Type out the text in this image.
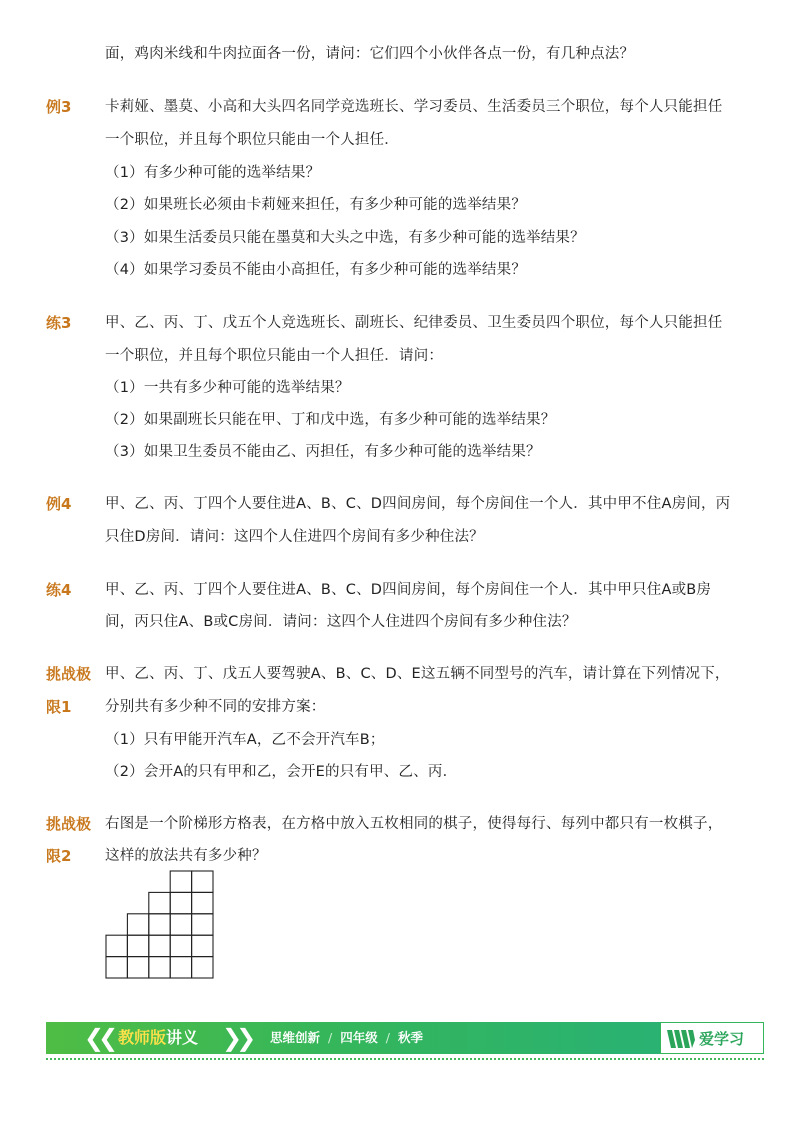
面，鸡肉米线和牛肉拉面各一份，请问：它们四个小伙伴各点一份，有几种点法？
例3 卡莉娅、墨莫、小高和大头四名同学竞选班长、学习委员、生活委员三个职位，每个人只能担任
一个职位，并且每个职位只能由一个人担任．
（1）有多少种可能的选举结果？
（2）如果班长必须由卡莉娅来担任，有多少种可能的选举结果？
（3）如果生活委员只能在墨莫和大头之中选，有多少种可能的选举结果？
（4）如果学习委员不能由小高担任，有多少种可能的选举结果？
练3 甲、乙、丙、丁、戊五个人竞选班长、副班长、纪律委员、卫生委员四个职位，每个人只能担任
一个职位，并且每个职位只能由一个人担任．请问：
（1）一共有多少种可能的选举结果？
（2）如果副班长只能在甲、丁和戊中选，有多少种可能的选举结果？
（3）如果卫生委员不能由乙、丙担任，有多少种可能的选举结果？
例4 甲、乙、丙、丁四个人要住进A、B、C、D四间房间，每个房间住一个人．其中甲不住A房间，丙
只住D房间．请问：这四个人住进四个房间有多少种住法？
练4 甲、乙、丙、丁四个人要住进A、B、C、D四间房间，每个房间住一个人．其中甲只住A或B房
间，丙只住A、B或C房间．请问：这四个人住进四个房间有多少种住法？
挑战极
限1
甲、乙、丙、丁、戊五人要驾驶A、B、C、D、E这五辆不同型号的汽车，请计算在下列情况下，
分别共有多少种不同的安排方案：
（1）只有甲能开汽车A，乙不会开汽车B；
（2）会开A的只有甲和乙，会开E的只有甲、乙、丙．
挑战极
限2
右图是一个阶梯形方格表，在方格中放入五枚相同的棋子，使得每行、每列中都只有一枚棋子，
这样的放法共有多少种？
❮❮ 教师版讲义 ❯❯ 思维创新 / 四年级 / 秋季	爱学习
